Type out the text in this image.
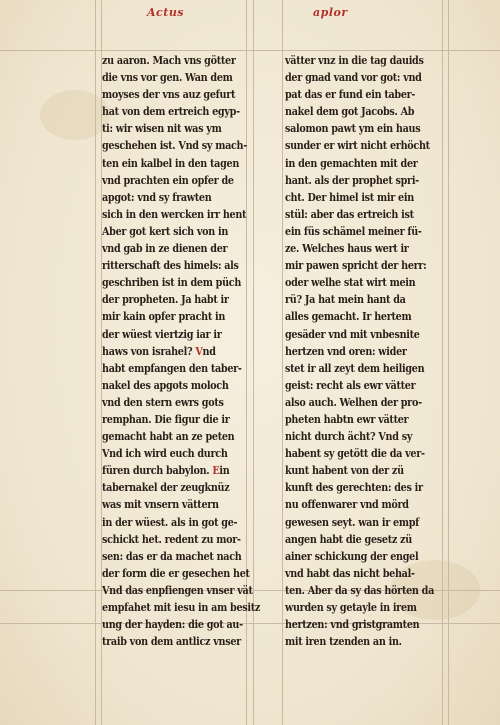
Actus	aplor
zu aaron. Mach vns götter
die vns vor gen. Wan dem
moyses der vns auz gefurt
hat von dem ertreich egyp-
ti: wir wisen nit was ym
geschehen ist. Vnd sy mach-
ten ein kalbel in den tagen
vnd prachten ein opfer de
apgot: vnd sy frawten
sich in den wercken irr hent
Aber got kert sich von in
vnd gab in ze dienen der
ritterschaft des himels: als
geschriben ist in dem püch
der propheten. Ja habt ir
mir kain opfer pracht in
der wüest viertzig iar ir
haws von israhel? Vnd
habt empfangen den taber-
nakel des apgots moloch
vnd den stern ewrs gots
remphan. Die figur die ir
gemacht habt an ze peten
Vnd ich wird euch durch
füren durch babylon. Ein
tabernakel der zeugknüz
was mit vnsern vättern
in der wüest. als in got ge-
schickt het. redent zu mor-
sen: das er da machet nach
der form die er gesechen het
Vnd das enpfiengen vnser vät
empfahet mit iesu in am besitz
ung der hayden: die got au-
traib von dem antlicz vnser
vätter vnz in die tag dauids
der gnad vand vor got: vnd
pat das er fund ein taber-
nakel dem got Jacobs. Ab
salomon pawt ym ein haus
sunder er wirt nicht erhöcht
in den gemachten mit der
hant. als der prophet spri-
cht. Der himel ist mir ein
stül: aber das ertreich ist
ein füs schämel meiner fü-
ze. Welches haus wert ir
mir pawen spricht der herr:
oder welhe stat wirt mein
rü? Ja hat mein hant da
alles gemacht. Ir hertem
gesäder vnd mit vnbesnite
hertzen vnd oren: wider
stet ir all zeyt dem heiligen
geist: recht als ewr vätter
also auch. Welhen der pro-
pheten habtn ewr vätter
nicht durch ächt? Vnd sy
habent sy getött die da ver-
kunt habent von der zü
kunft des gerechten: des ir
nu offenwarer vnd mörd
gewesen seyt. wan ir empf
angen habt die gesetz zü
ainer schickung der engel
vnd habt das nicht behal-
ten. Aber da sy das hörten da
wurden sy getayle in irem
hertzen: vnd gristgramten
mit iren tzenden an in.
